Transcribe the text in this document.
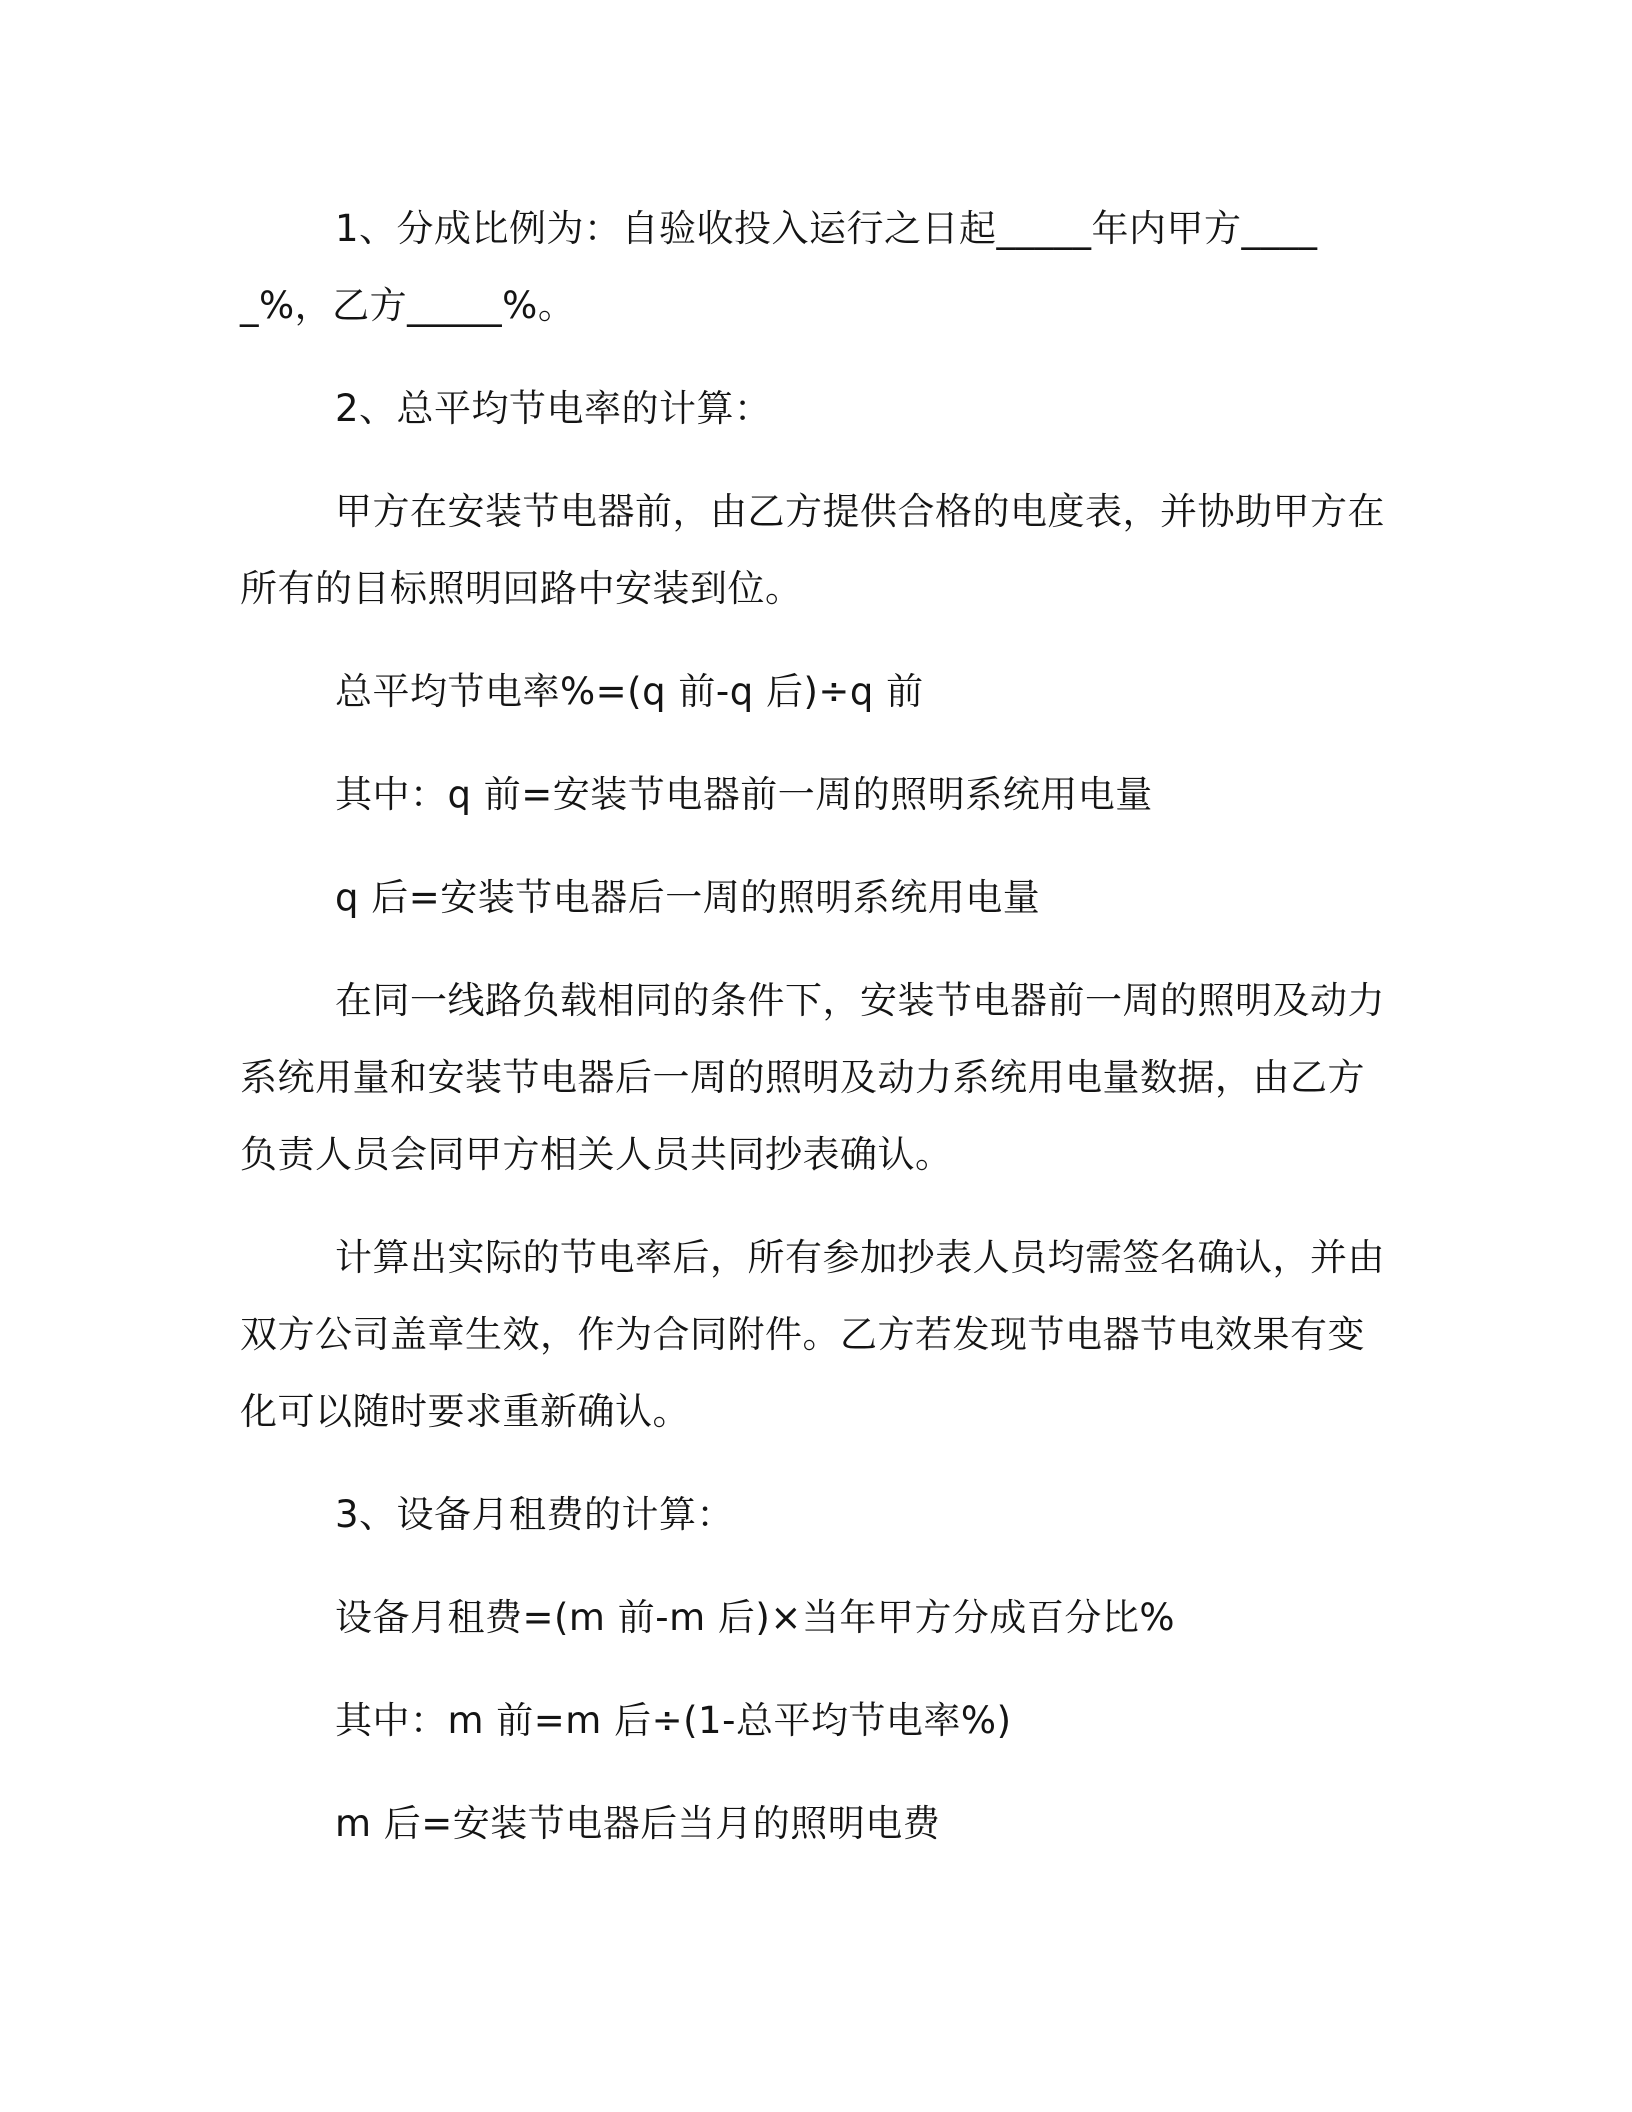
1、分成比例为：自验收投入运行之日起_____年内甲方_____%，乙方_____%。

2、总平均节电率的计算：

甲方在安装节电器前，由乙方提供合格的电度表，并协助甲方在所有的目标照明回路中安装到位。

总平均节电率%=(q 前-q 后)÷q 前

其中：q 前=安装节电器前一周的照明系统用电量

q 后=安装节电器后一周的照明系统用电量

在同一线路负载相同的条件下，安装节电器前一周的照明及动力系统用量和安装节电器后一周的照明及动力系统用电量数据，由乙方负责人员会同甲方相关人员共同抄表确认。

计算出实际的节电率后，所有参加抄表人员均需签名确认，并由双方公司盖章生效，作为合同附件。乙方若发现节电器节电效果有变化可以随时要求重新确认。

3、设备月租费的计算：

设备月租费=(m 前-m 后)×当年甲方分成百分比%

其中：m 前=m 后÷(1-总平均节电率%)

m 后=安装节电器后当月的照明电费
